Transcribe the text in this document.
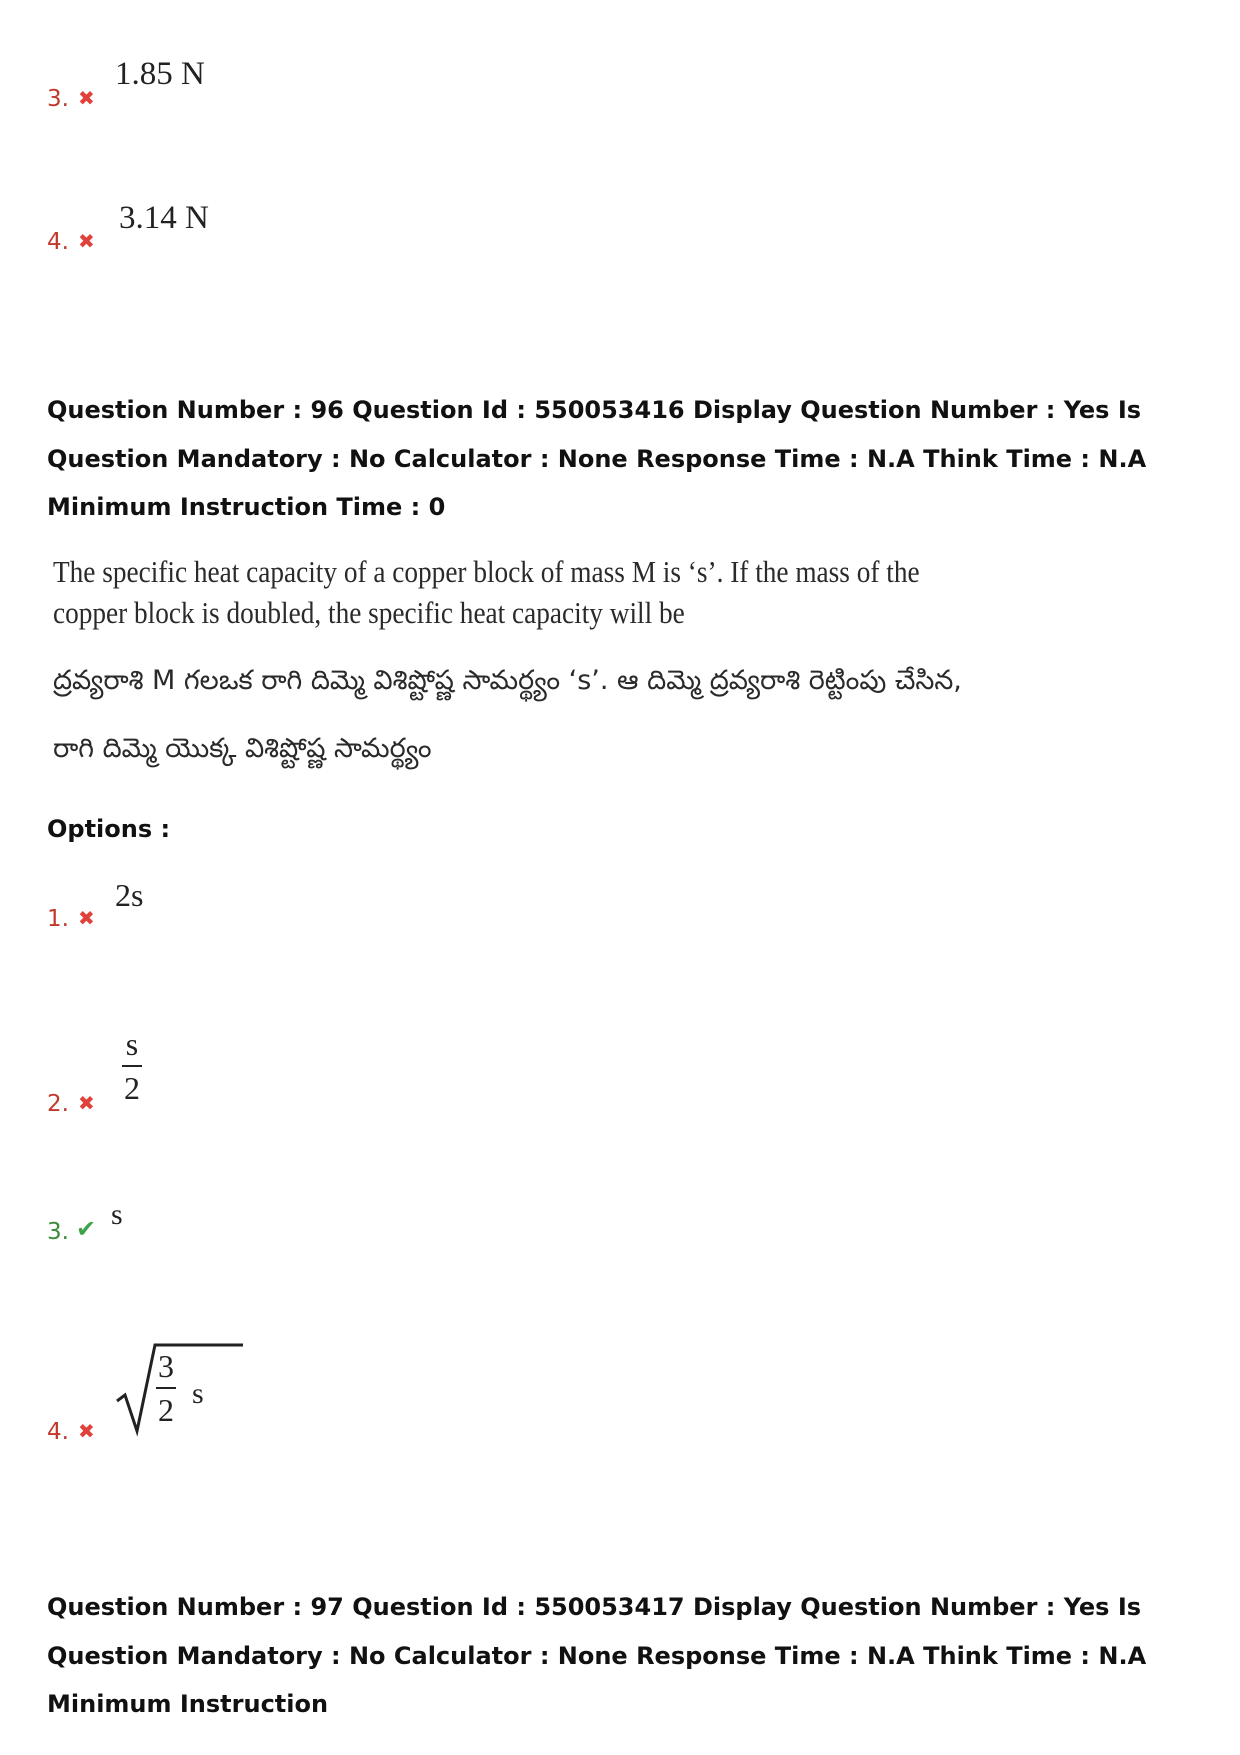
3. ✖
1.85 N
4. ✖
3.14 N
Question Number : 96 Question Id : 550053416 Display Question Number : Yes Is Question Mandatory : No Calculator : None Response Time : N.A Think Time : N.A Minimum Instruction Time : 0
The specific heat capacity of a copper block of mass M is ‘s’. If the mass of the
copper block is doubled, the specific heat capacity will be
ద్రవ్యరాశి M గలఒక రాగి దిమ్మె విశిష్టోష్ణ సామర్థ్యం ‘s’. ఆ దిమ్మె ద్రవ్యరాశి రెట్టింపు చేసిన,
రాగి దిమ్మె యొక్క విశిష్టోష్ణ సామర్థ్యం
Options :
1. ✖
2s
s
2
2. ✖
3. ✔ s
3
2 s
4. ✖
Question Number : 97 Question Id : 550053417 Display Question Number : Yes Is Question Mandatory : No Calculator : None Response Time : N.A Think Time : N.A Minimum Instruction
